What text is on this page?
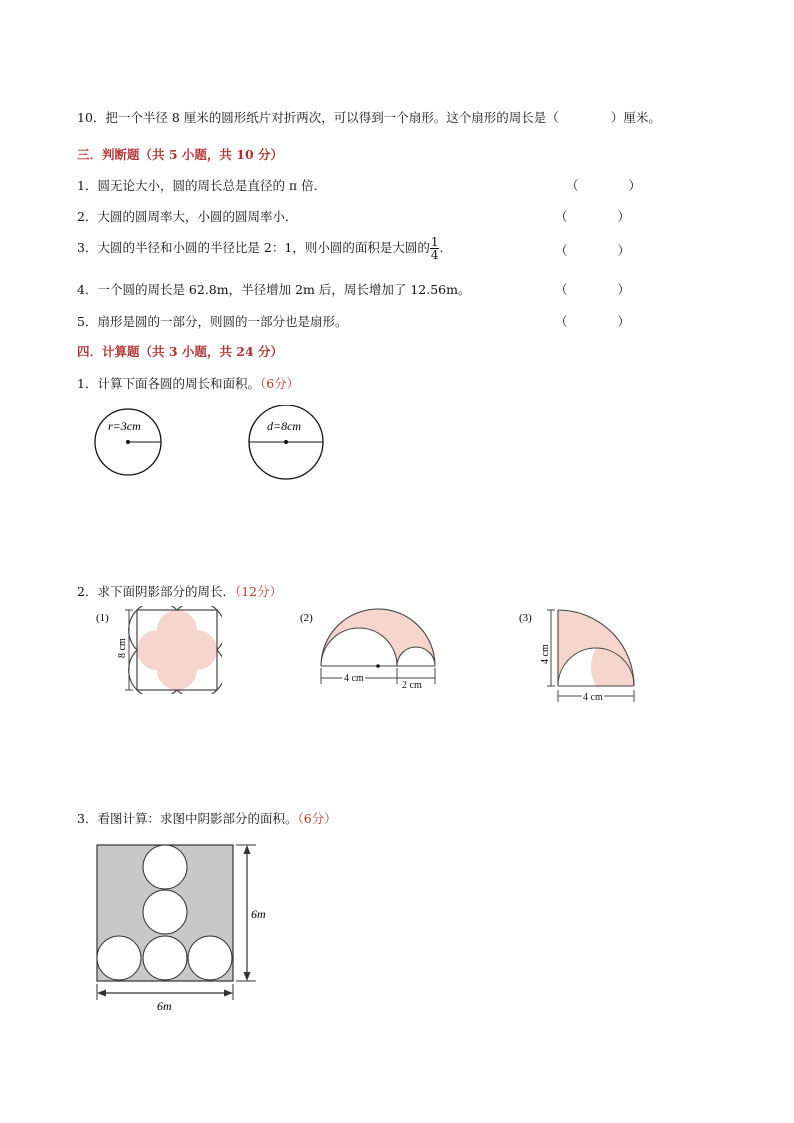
10．把一个半径 8 厘米的圆形纸片对折两次，可以得到一个扇形。这个扇形的周长是（	）厘米。
三．判断题（共 5 小题，共 10 分）
1．圆无论大小，圆的周长总是直径的 π 倍．	（　　　　）
2．大圆的圆周率大，小圆的圆周率小．	（　　　　）
3．大圆的半径和小圆的半径比是 2：1，则小圆的面积是大圆的 $\frac{1}{4}$ ．	（　　　　）
4．一个圆的周长是 62.8m，半径增加 2m 后，周长增加了 12.56m。	（　　　　）
5．扇形是圆的一部分，则圆的一部分也是扇形。	（　　　　）
四．计算题（共 3 小题，共 24 分）
1．计算下面各圆的周长和面积。（6分）
r=3cm	d=8cm
2．求下面阴影部分的周长．（12分）
(1)
8 cm
(2)
4 cm
2 cm
(3)
4 cm
4 cm
3．看图计算：求图中阴影部分的面积。（6分）
6m
6m
